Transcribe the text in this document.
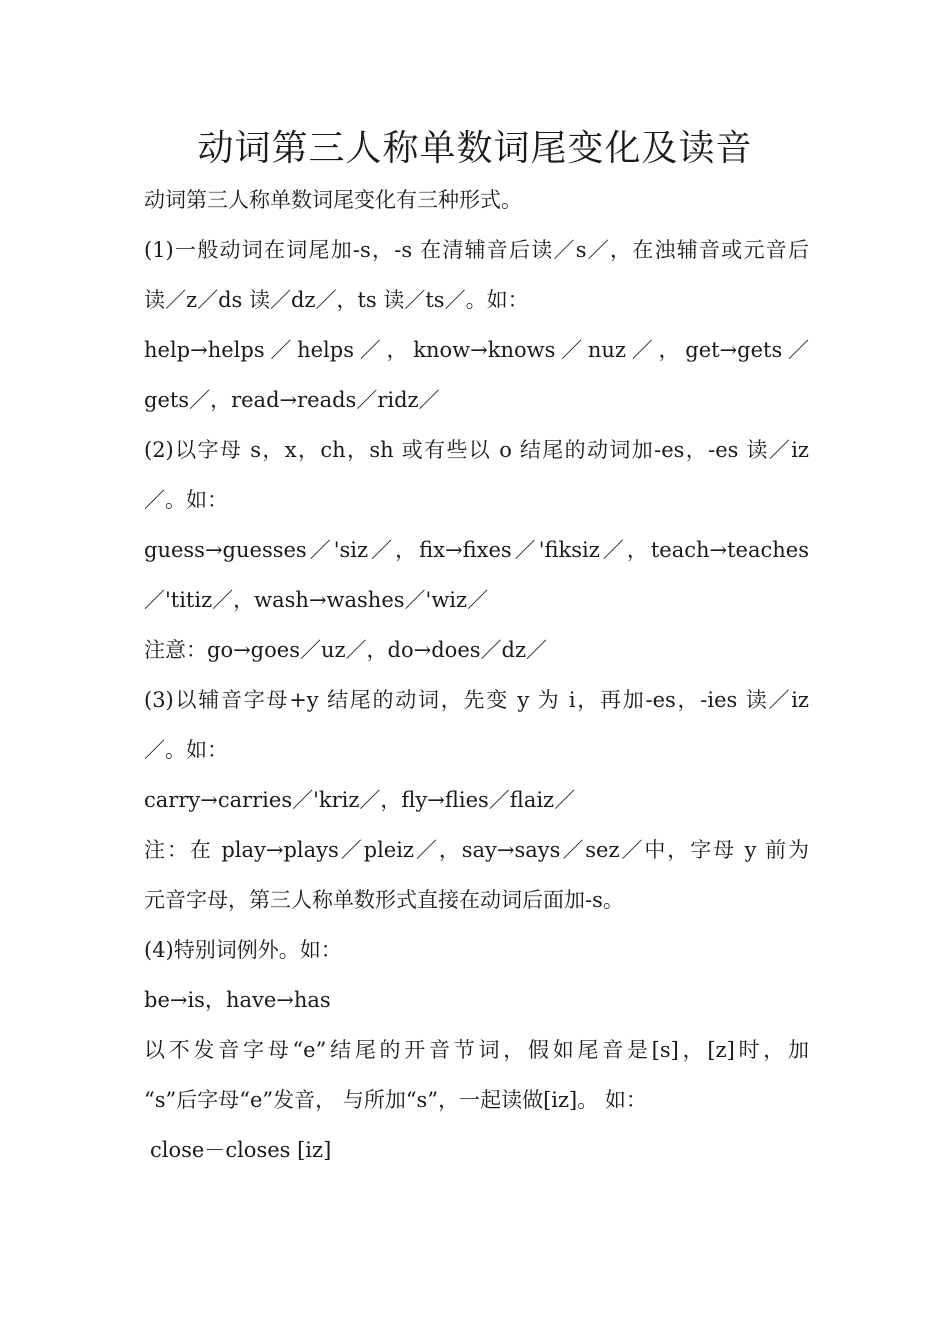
动词第三人称单数词尾变化及读音

动词第三人称单数词尾变化有三种形式。

(1)一般动词在词尾加-s，-s 在清辅音后读／s／，在浊辅音或元音后

读／z／ds 读／dz／，ts 读／ts／。如：

help→helps／helps／，know→knows／nuz／，get→gets／

gets／，read→reads／ridz／

(2)以字母 s，x，ch，sh 或有些以 o 结尾的动词加-es，-es 读／iz

／。如：

guess→guesses／'siz／，fix→fixes／'fiksiz／，teach→teaches

／'titiz／，wash→washes／'wiz／

注意：go→goes／uz／，do→does／dz／

(3)以辅音字母+y 结尾的动词，先变 y 为 i，再加-es，-ies 读／iz

／。如：

carry→carries／'kriz／，fly→flies／flaiz／

注：在 play→plays／pleiz／，say→says／sez／中，字母 y 前为

元音字母，第三人称单数形式直接在动词后面加-s。

(4)特别词例外。如：

be→is，have→has

以不发音字母“e”结尾的开音节词，假如尾音是[s]，[z]时，加

“s”后字母“e”发音， 与所加“s”，一起读做[iz]。 如：

close－closes [iz]
